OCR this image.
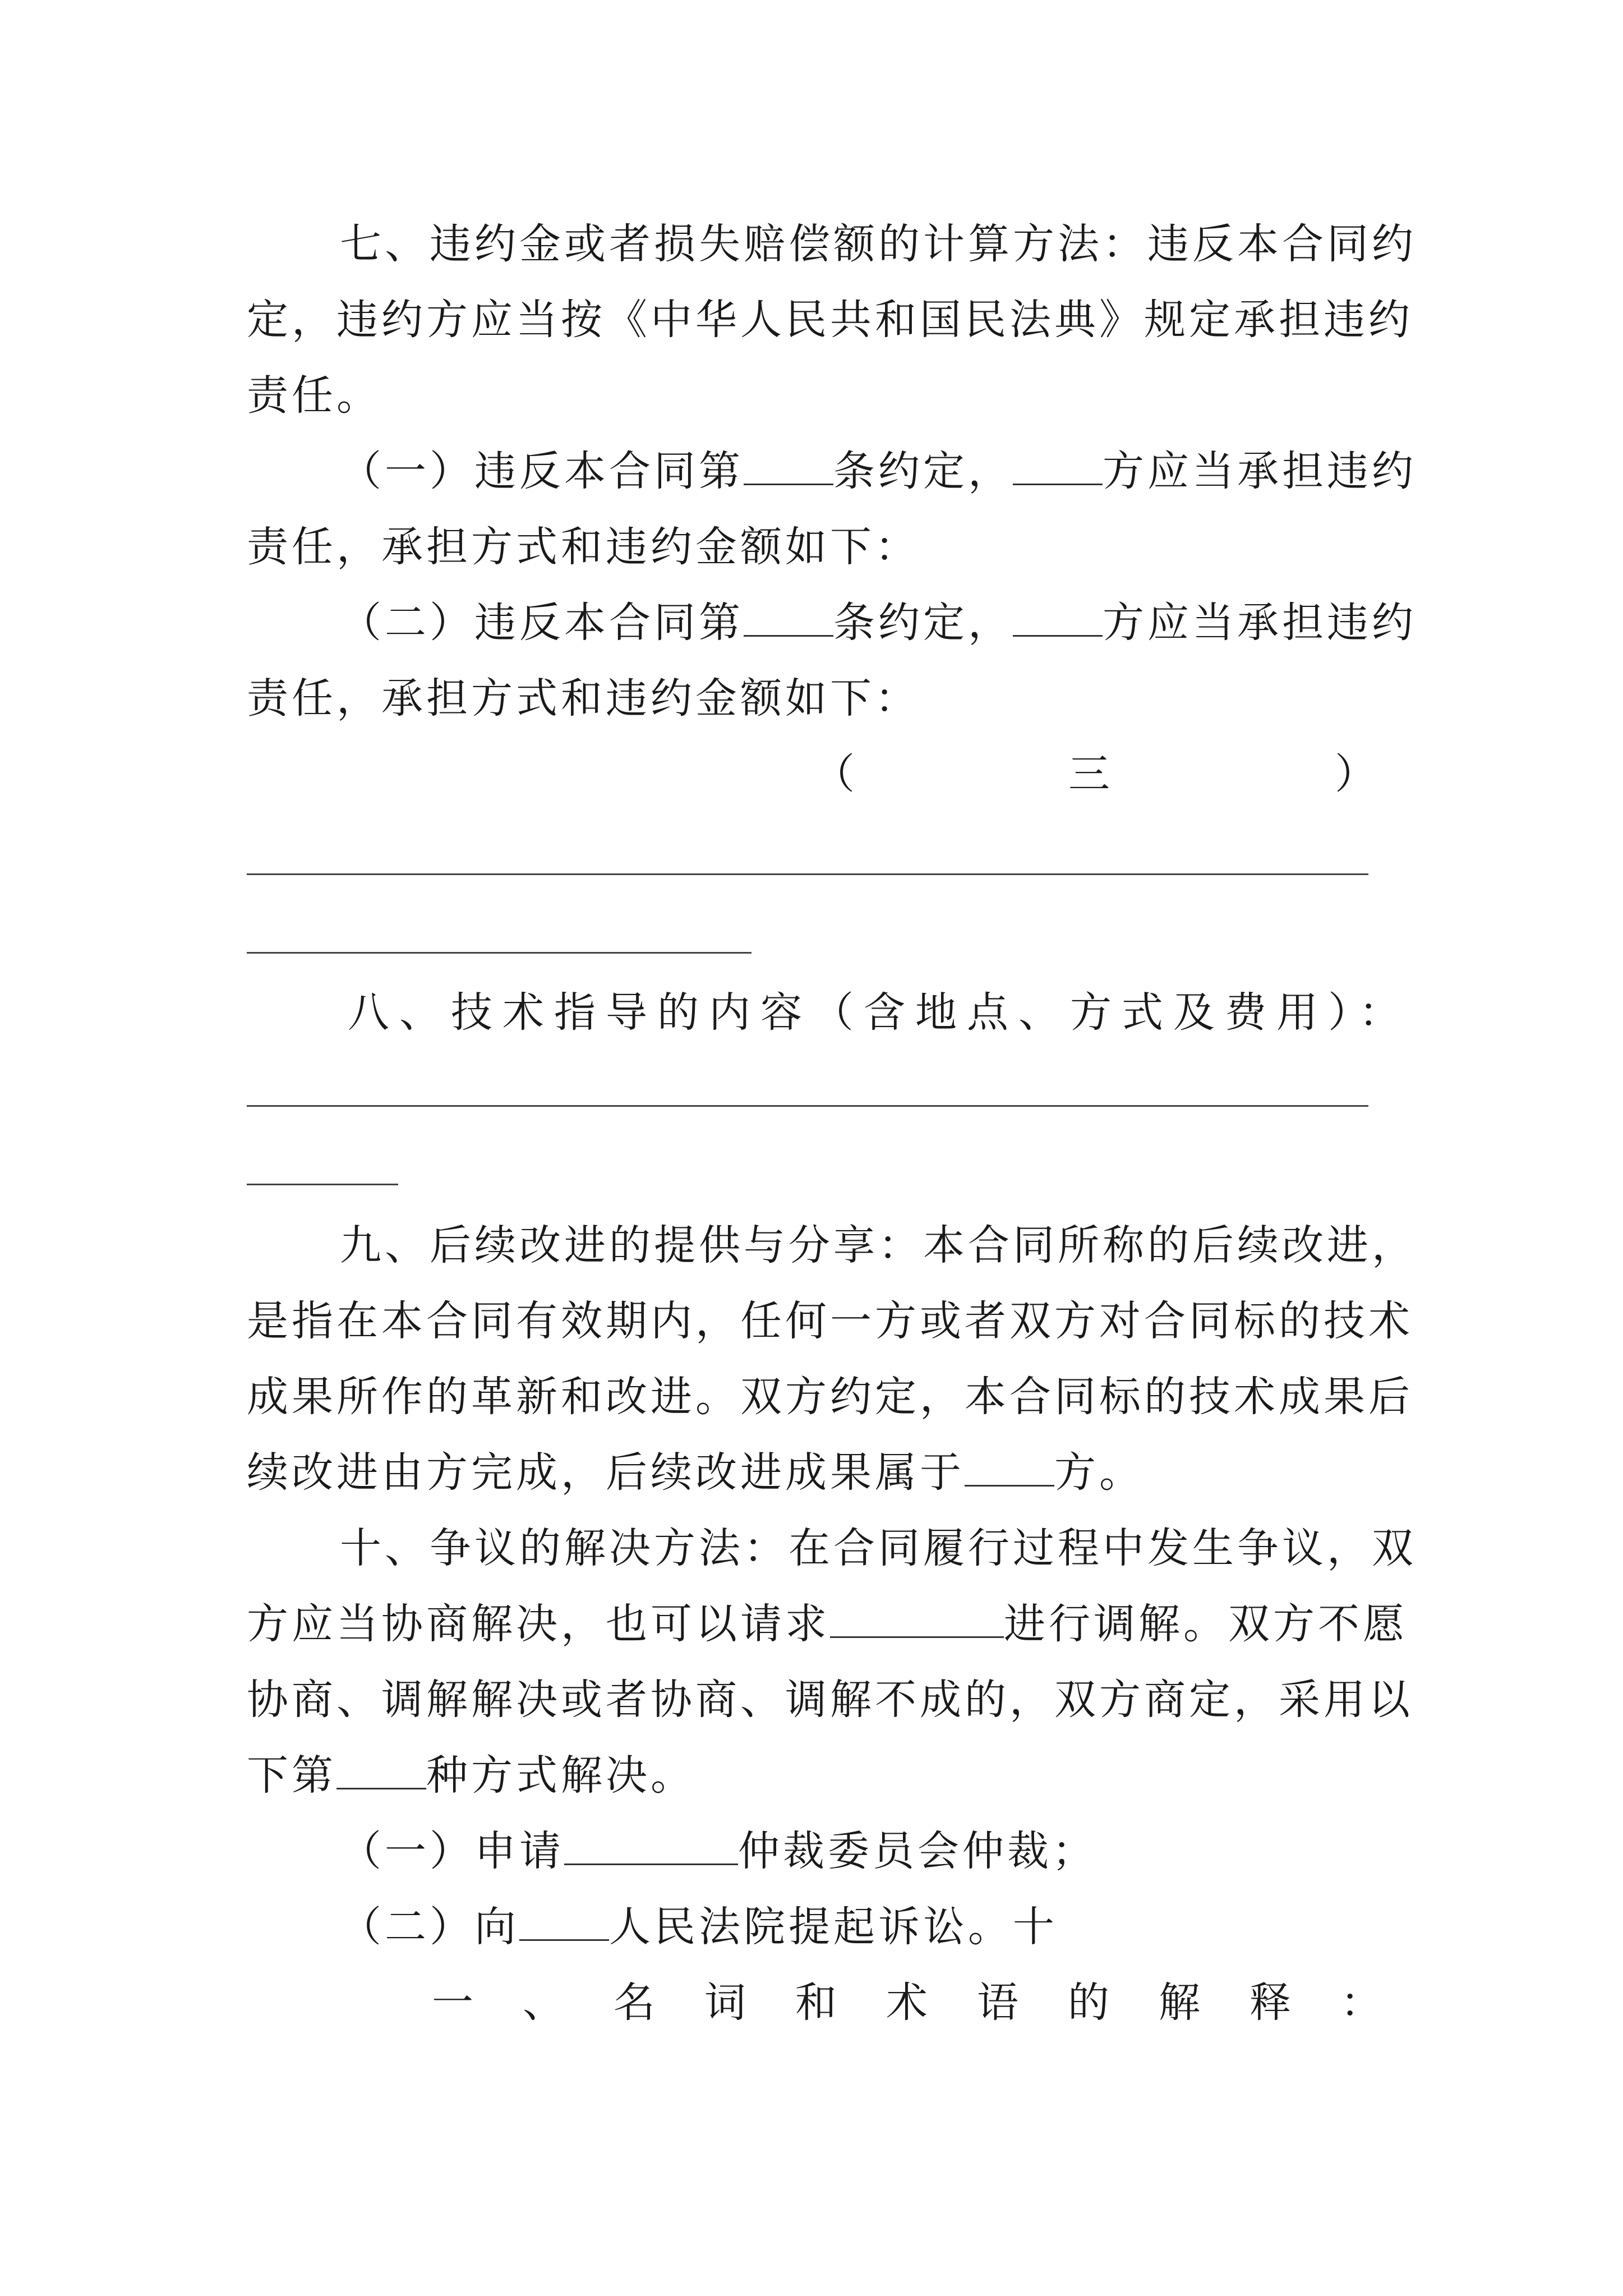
七、违约金或者损失赔偿额的计算方法：违反本合同约
定，违约方应当按《中华人民共和国民法典》规定承担违约
责任。
（一）违反本合同第 条约定， 方应当承担违约
责任，承担方式和违约金额如下：
（二）违反本合同第 条约定， 方应当承担违约
责任，承担方式和违约金额如下：
（	三	）
八、技术指导的内容（含地点、方式及费用）：
九、后续改进的提供与分享：本合同所称的后续改进，
是指在本合同有效期内，任何一方或者双方对合同标的技术
成果所作的革新和改进。双方约定，本合同标的技术成果后
续改进由方完成，后续改进成果属于 方。
十、争议的解决方法：在合同履行过程中发生争议，双
方应当协商解决，也可以请求	进行调解。双方不愿
协商、调解解决或者协商、调解不成的，双方商定，采用以
下第 种方式解决。
（一）申请	仲裁委员会仲裁；
（二）向 人民法院提起诉讼。十
一 、 名 词 和 术 语 的 解 释 ：
